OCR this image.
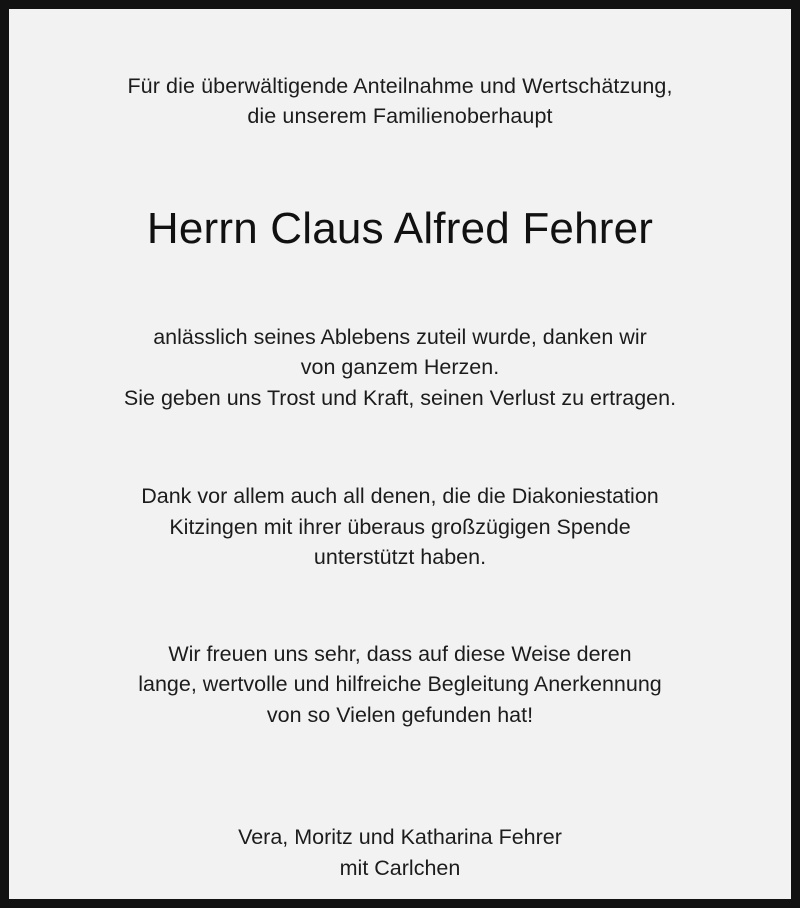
Für die überwältigende Anteilnahme und Wertschätzung,
die unserem Familienoberhaupt
Herrn Claus Alfred Fehrer
anlässlich seines Ablebens zuteil wurde, danken wir
von ganzem Herzen.
Sie geben uns Trost und Kraft, seinen Verlust zu ertragen.
Dank vor allem auch all denen, die die Diakoniestation
Kitzingen mit ihrer überaus großzügigen Spende
unterstützt haben.
Wir freuen uns sehr, dass auf diese Weise deren
lange, wertvolle und hilfreiche Begleitung Anerkennung
von so Vielen gefunden hat!
Vera, Moritz und Katharina Fehrer
mit Carlchen
